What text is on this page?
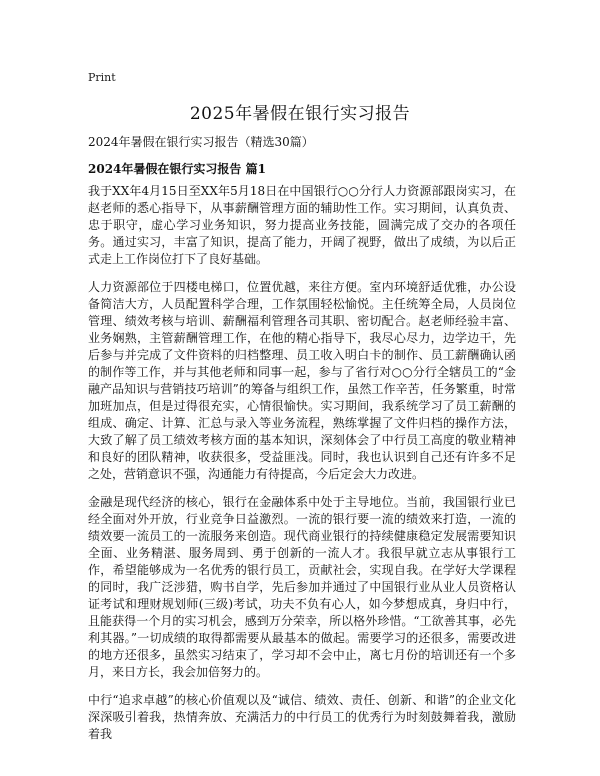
Print
2025年暑假在银行实习报告
2024年暑假在银行实习报告（精选30篇）
2024年暑假在银行实习报告 篇1

我于XX年4月15日至XX年5月18日在中国银行○○分行人力资源部跟岗实习，在赵老师的悉心指导下，从事薪酬管理方面的辅助性工作。实习期间，认真负责、忠于职守，虚心学习业务知识，努力提高业务技能，圆满完成了交办的各项任务。通过实习，丰富了知识，提高了能力，开阔了视野，做出了成绩，为以后正式走上工作岗位打下了良好基础。

人力资源部位于四楼电梯口，位置优越，来往方便。室内环境舒适优雅，办公设备简洁大方，人员配置科学合理，工作氛围轻松愉悦。主任统筹全局，人员岗位管理、绩效考核与培训、薪酬福利管理各司其职、密切配合。赵老师经验丰富、业务娴熟，主管薪酬管理工作，在他的精心指导下，我尽心尽力，边学边干，先后参与并完成了文件资料的归档整理、员工收入明白卡的制作、员工薪酬确认函的制作等工作，并与其他老师和同事一起，参与了省行对○○分行全辖员工的“金融产品知识与营销技巧培训”的筹备与组织工作，虽然工作辛苦，任务繁重，时常加班加点，但是过得很充实，心情很愉快。实习期间，我系统学习了员工薪酬的组成、确定、计算、汇总与录入等业务流程，熟练掌握了文件归档的操作方法，大致了解了员工绩效考核方面的基本知识，深刻体会了中行员工高度的敬业精神和良好的团队精神，收获很多，受益匪浅。同时，我也认识到自己还有许多不足之处，营销意识不强，沟通能力有待提高，今后定会大力改进。

金融是现代经济的核心，银行在金融体系中处于主导地位。当前，我国银行业已经全面对外开放，行业竞争日益激烈。一流的银行要一流的绩效来打造，一流的绩效要一流员工的一流服务来创造。现代商业银行的持续健康稳定发展需要知识全面、业务精湛、服务周到、勇于创新的一流人才。我很早就立志从事银行工作，希望能够成为一名优秀的银行员工，贡献社会，实现自我。在学好大学课程的同时，我广泛涉猎，购书自学，先后参加并通过了中国银行业从业人员资格认证考试和理财规划师(三级)考试，功夫不负有心人，如今梦想成真，身归中行，且能获得一个月的实习机会，感到万分荣幸，所以格外珍惜。“工欲善其事，必先利其器。”一切成绩的取得都需要从最基本的做起。需要学习的还很多，需要改进的地方还很多，虽然实习结束了，学习却不会中止，离七月份的培训还有一个多月，来日方长，我会加倍努力的。

中行“追求卓越”的核心价值观以及“诚信、绩效、责任、创新、和谐”的企业文化深深吸引着我，热情奔放、充满活力的中行员工的优秀行为时刻鼓舞着我，激励着我
